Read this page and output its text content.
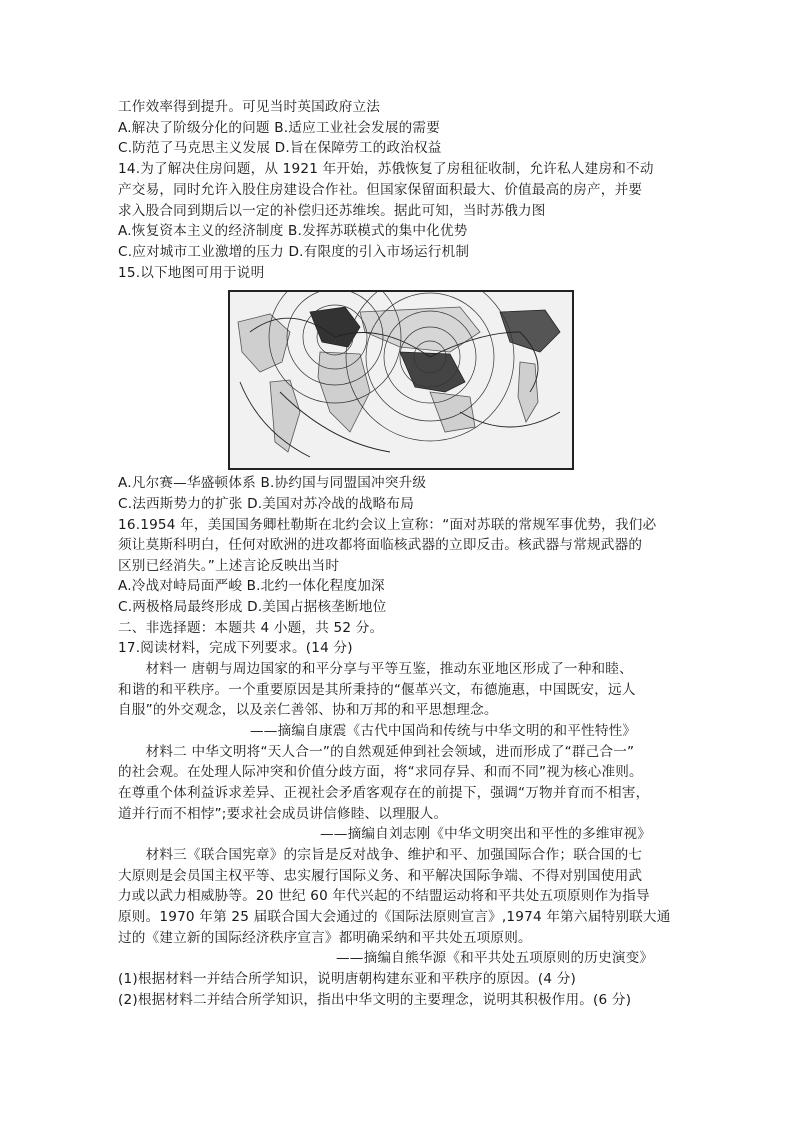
工作效率得到提升。可见当时英国政府立法
A.解决了阶级分化的问题 B.适应工业社会发展的需要
C.防范了马克思主义发展 D.旨在保障劳工的政治权益
14.为了解决住房问题，从 1921 年开始，苏俄恢复了房租征收制，允许私人建房和不动
产交易，同时允许入股住房建设合作社。但国家保留面积最大、价值最高的房产，并要
求入股合同到期后以一定的补偿归还苏维埃。据此可知，当时苏俄力图
A.恢复资本主义的经济制度 B.发挥苏联模式的集中化优势
C.应对城市工业激增的压力 D.有限度的引入市场运行机制
15.以下地图可用于说明
A.凡尔赛—华盛顿体系 B.协约国与同盟国冲突升级
C.法西斯势力的扩张 D.美国对苏冷战的战略布局
16.1954 年，美国国务卿杜勒斯在北约会议上宣称：“面对苏联的常规军事优势，我们必
须让莫斯科明白，任何对欧洲的进攻都将面临核武器的立即反击。核武器与常规武器的
区别已经消失。”上述言论反映出当时
A.冷战对峙局面严峻 B.北约一体化程度加深
C.两极格局最终形成 D.美国占据核垄断地位
二、非选择题：本题共 4 小题，共 52 分。
17.阅读材料，完成下列要求。(14 分)
　　材料一 唐朝与周边国家的和平分享与平等互鉴，推动东亚地区形成了一种和睦、
和谐的和平秩序。一个重要原因是其所秉持的“偃革兴文，布德施惠，中国既安，远人
自服”的外交观念，以及亲仁善邻、协和万邦的和平思想理念。
——摘编自康震《古代中国尚和传统与中华文明的和平性特性》
　　材料二 中华文明将“天人合一”的自然观延伸到社会领域，进而形成了“群己合一”
的社会观。在处理人际冲突和价值分歧方面，将“求同存异、和而不同”视为核心准则。
在尊重个体利益诉求差异、正视社会矛盾客观存在的前提下，强调“万物并育而不相害，
道并行而不相悖”;要求社会成员讲信修睦、以理服人。
——摘编自刘志刚《中华文明突出和平性的多维审视》
　　材料三《联合国宪章》的宗旨是反对战争、维护和平、加强国际合作；联合国的七
大原则是会员国主权平等、忠实履行国际义务、和平解决国际争端、不得对别国使用武
力或以武力相威胁等。20 世纪 60 年代兴起的不结盟运动将和平共处五项原则作为指导
原则。1970 年第 25 届联合国大会通过的《国际法原则宣言》,1974 年第六届特别联大通
过的《建立新的国际经济秩序宣言》都明确采纳和平共处五项原则。
——摘编自熊华源《和平共处五项原则的历史演变》
(1)根据材料一并结合所学知识，说明唐朝构建东亚和平秩序的原因。(4 分)
(2)根据材料二并结合所学知识，指出中华文明的主要理念，说明其积极作用。(6 分)
